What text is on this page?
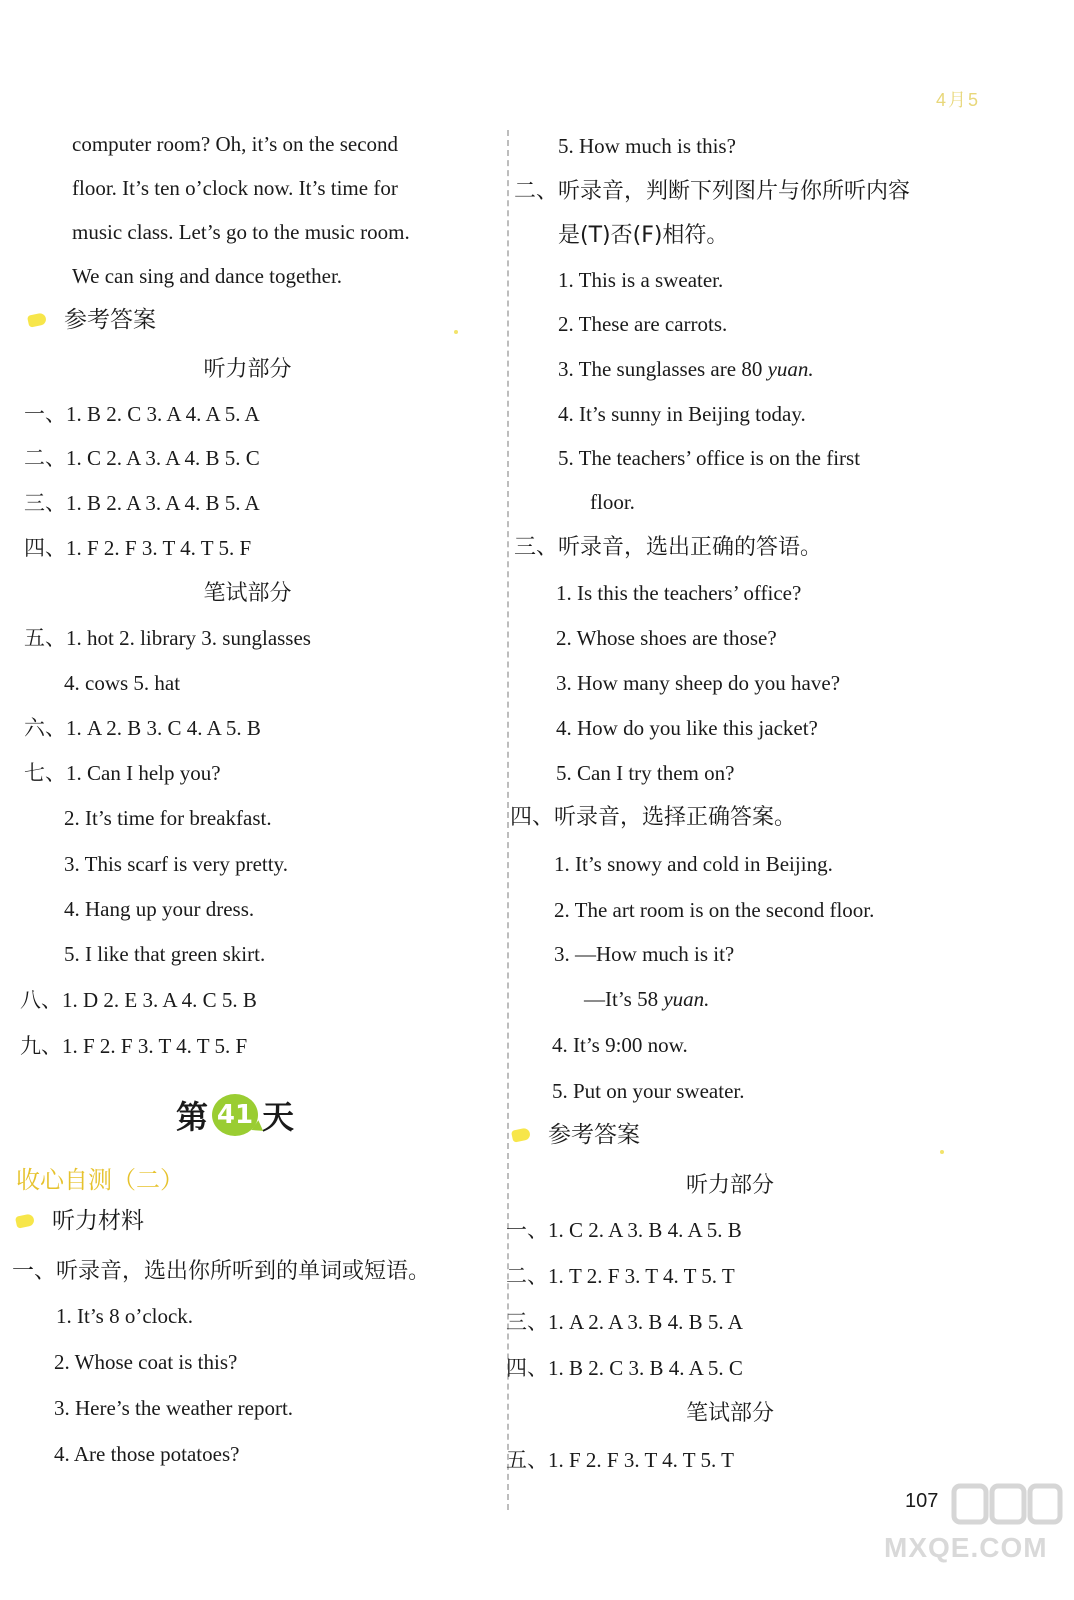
4月5
computer room? Oh, it’s on the second
floor. It’s ten o’clock now. It’s time for
music class. Let’s go to the music room.
We can sing and dance together.
参考答案
听力部分
一、1. B 2. C 3. A 4. A 5. A
二、1. C 2. A 3. A 4. B 5. C
三、1. B 2. A 3. A 4. B 5. A
四、1. F 2. F 3. T 4. T 5. F
笔试部分
五、1. hot 2. library 3. sunglasses
4. cows 5. hat
六、1. A 2. B 3. C 4. A 5. B
七、1. Can I help you?
2. It’s time for breakfast.
3. This scarf is very pretty.
4. Hang up your dress.
5. I like that green skirt.
八、1. D 2. E 3. A 4. C 5. B
九、1. F 2. F 3. T 4. T 5. F
第 41 天
收心自测（二）
听力材料
一、听录音，选出你所听到的单词或短语。
1. It’s 8 o’clock.
2. Whose coat is this?
3. Here’s the weather report.
4. Are those potatoes?
5. How much is this?
二、听录音，判断下列图片与你所听内容
是(T)否(F)相符。
1. This is a sweater.
2. These are carrots.
3. The sunglasses are 80 yuan.
4. It’s sunny in Beijing today.
5. The teachers’ office is on the first
floor.
三、听录音，选出正确的答语。
1. Is this the teachers’ office?
2. Whose shoes are those?
3. How many sheep do you have?
4. How do you like this jacket?
5. Can I try them on?
四、听录音，选择正确答案。
1. It’s snowy and cold in Beijing.
2. The art room is on the second floor.
3. —How much is it?
—It’s 58 yuan.
4. It’s 9:00 now.
5. Put on your sweater.
参考答案
听力部分
一、1. C 2. A 3. B 4. A 5. B
二、1. T 2. F 3. T 4. T 5. T
三、1. A 2. A 3. B 4. B 5. A
四、1. B 2. C 3. B 4. A 5. C
笔试部分
五、1. F 2. F 3. T 4. T 5. T
107
MXQE.COM
